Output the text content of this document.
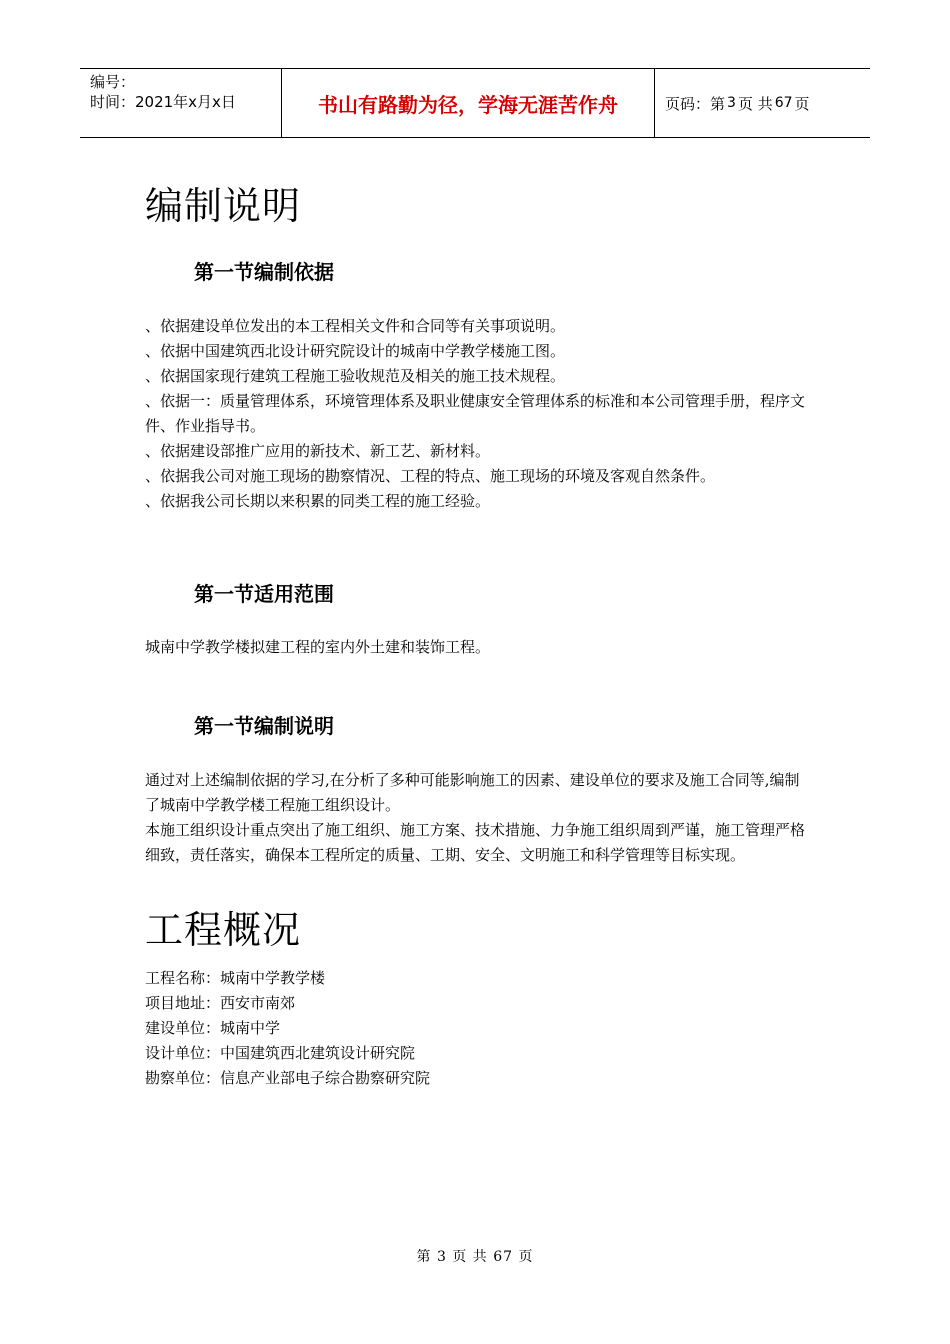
编号：
时间：2021年x月x日	书山有路勤为径，学海无涯苦作舟	页码：第 3 页 共 67 页
编制说明
第一节编制依据

、依据建设单位发出的本工程相关文件和合同等有关事项说明。

、依据中国建筑西北设计研究院设计的城南中学教学楼施工图。

、依据国家现行建筑工程施工验收规范及相关的施工技术规程。

、依据一：质量管理体系，环境管理体系及职业健康安全管理体系的标准和本公司管理手册，程序文件、作业指导书。

、依据建设部推广应用的新技术、新工艺、新材料。

、依据我公司对施工现场的勘察情况、工程的特点、施工现场的环境及客观自然条件。

、依据我公司长期以来积累的同类工程的施工经验。

第一节适用范围

城南中学教学楼拟建工程的室内外土建和装饰工程。

第一节编制说明

通过对上述编制依据的学习,在分析了多种可能影响施工的因素、建设单位的要求及施工合同等,编制了城南中学教学楼工程施工组织设计。

本施工组织设计重点突出了施工组织、施工方案、技术措施、力争施工组织周到严谨，施工管理严格细致，责任落实，确保本工程所定的质量、工期、安全、文明施工和科学管理等目标实现。

工程概况

工程名称：城南中学教学楼

项目地址：西安市南郊

建设单位：城南中学

设计单位：中国建筑西北建筑设计研究院

勘察单位：信息产业部电子综合勘察研究院

第 3 页 共 67 页
